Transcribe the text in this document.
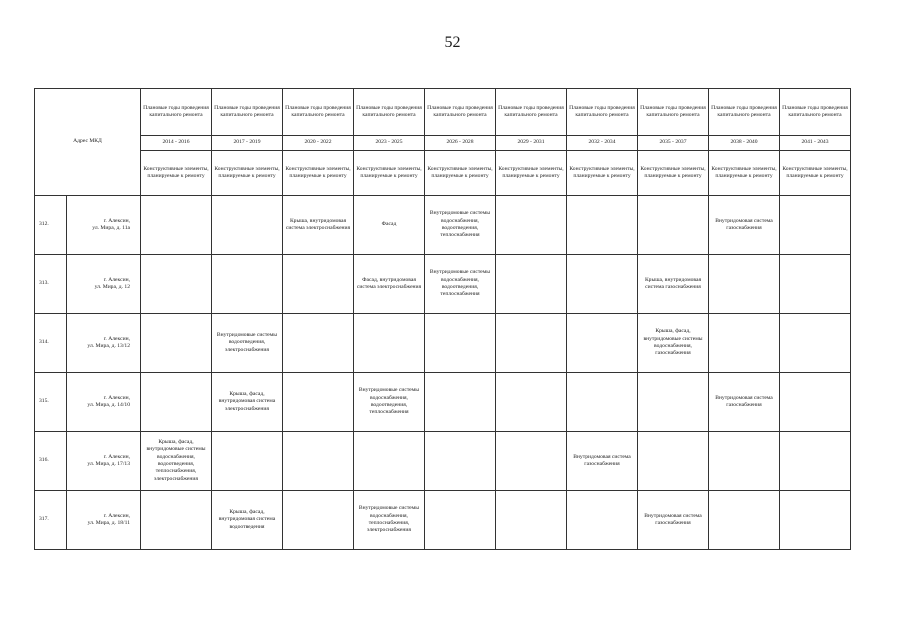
52
Адрес МКД		Плановые годы проведения капитального ремонта	Плановые годы проведения капитального ремонта	Плановые годы проведения капитального ремонта	Плановые годы проведения капитального ремонта	Плановые годы проведения капитального ремонта	Плановые годы проведения капитального ремонта	Плановые годы проведения капитального ремонта	Плановые годы проведения капитального ремонта	Плановые годы проведения капитального ремонта	Плановые годы проведения капитального ремонта
		2014 - 2016	2017 - 2019	2020 - 2022	2023 - 2025	2026 - 2028	2029 - 2031	2032 - 2034	2035 - 2037	2038 - 2040	2041 - 2043
		Конструктивные элементы, планируемые к ремонту	Конструктивные элементы, планируемые к ремонту	Конструктивные элементы, планируемые к ремонту	Конструктивные элементы, планируемые к ремонту	Конструктивные элементы, планируемые к ремонту	Конструктивные элементы, планируемые к ремонту	Конструктивные элементы, планируемые к ремонту	Конструктивные элементы, планируемые к ремонту	Конструктивные элементы, планируемые к ремонту	Конструктивные элементы, планируемые к ремонту
312.	г. Алексин,
ул. Мира, д. 11а			Крыша, внутридомовая система электроснабжения	Фасад	Внутридомовые системы водоснабжения, водоотведения, теплоснабжения				Внутридомовая система газоснабжения	
313.	г. Алексин,
ул. Мира, д. 12				Фасад, внутридомовая система электроснабжения	Внутридомовые системы водоснабжения, водоотведения, теплоснабжения			Крыша, внутридомовая система газоснабжения		
314.	г. Алексин,
ул. Мира, д. 13/12		Внутридомовые системы водоотведения, электроснабжения						Крыша, фасад, внутридомовые системы водоснабжения, газоснабжения		
315.	г. Алексин,
ул. Мира, д. 14/10		Крыша, фасад, внутридомовая система электроснабжения		Внутридомовые системы водоснабжения, водоотведения, теплоснабжения					Внутридомовая система газоснабжения	
316.	г. Алексин,
ул. Мира, д. 17/13	Крыша, фасад, внутридомовые системы водоснабжения, водоотведения, теплоснабжения, электроснабжения						Внутридомовая система газоснабжения			
317.	г. Алексин,
ул. Мира, д. 18/11		Крыша, фасад, внутридомовая система водоотведения		Внутридомовые системы водоснабжения, теплоснабжения, электроснабжения				Внутридомовая система газоснабжения		
